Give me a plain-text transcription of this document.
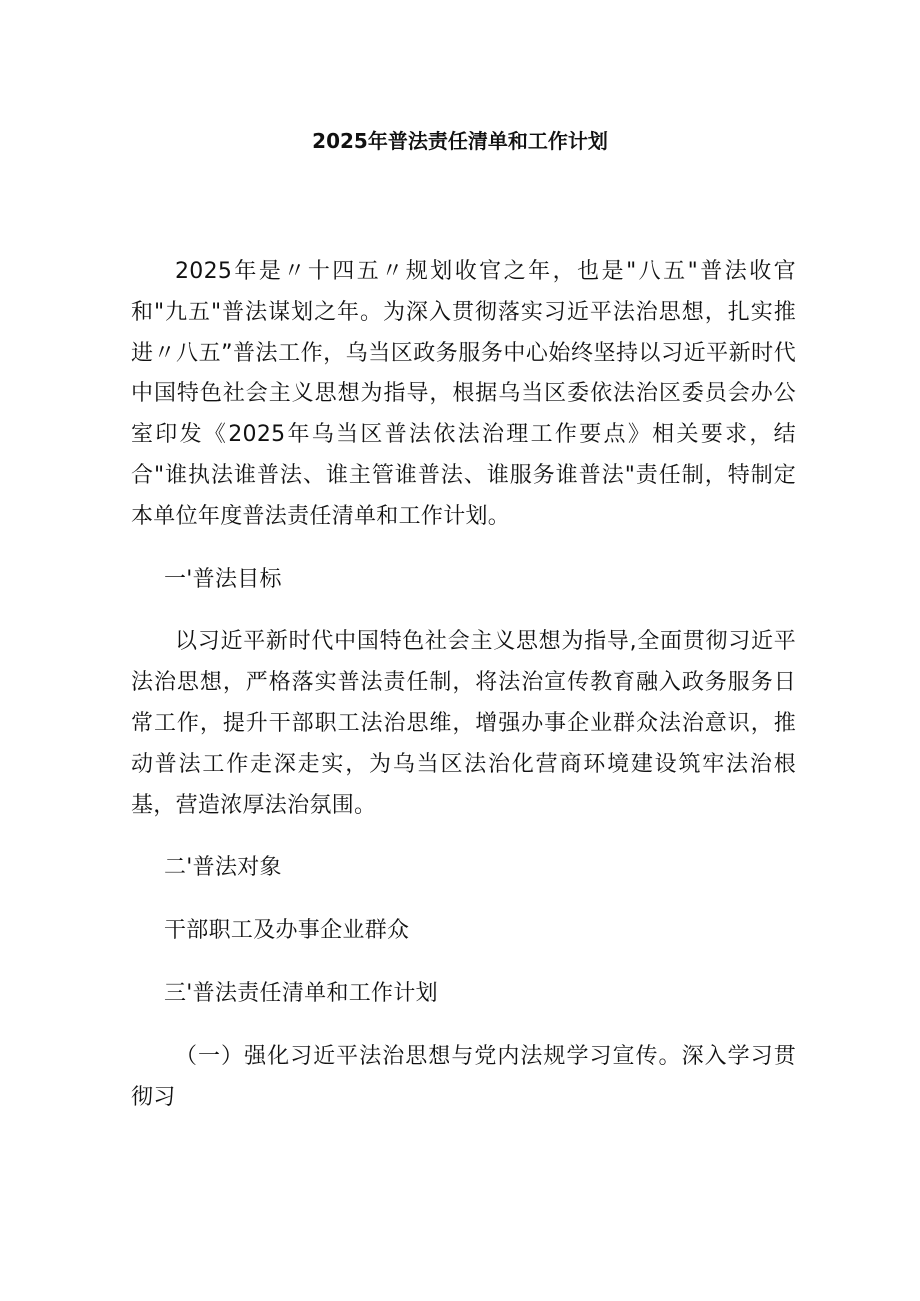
2025年普法责任清单和工作计划

2025年是〃十四五〃规划收官之年，也是"八五"普法收官和"九五"普法谋划之年。为深入贯彻落实习近平法治思想，扎实推进〃八五”普法工作，乌当区政务服务中心始终坚持以习近平新时代中国特色社会主义思想为指导，根据乌当区委依法治区委员会办公室印发《2025年乌当区普法依法治理工作要点》相关要求，结合"谁执法谁普法、谁主管谁普法、谁服务谁普法"责任制，特制定本单位年度普法责任清单和工作计划。

一'普法目标

以习近平新时代中国特色社会主义思想为指导,全面贯彻习近平法治思想，严格落实普法责任制，将法治宣传教育融入政务服务日常工作，提升干部职工法治思维，增强办事企业群众法治意识，推动普法工作走深走实，为乌当区法治化营商环境建设筑牢法治根基，营造浓厚法治氛围。

二'普法对象

干部职工及办事企业群众

三'普法责任清单和工作计划

（一）强化习近平法治思想与党内法规学习宣传。深入学习贯彻习
